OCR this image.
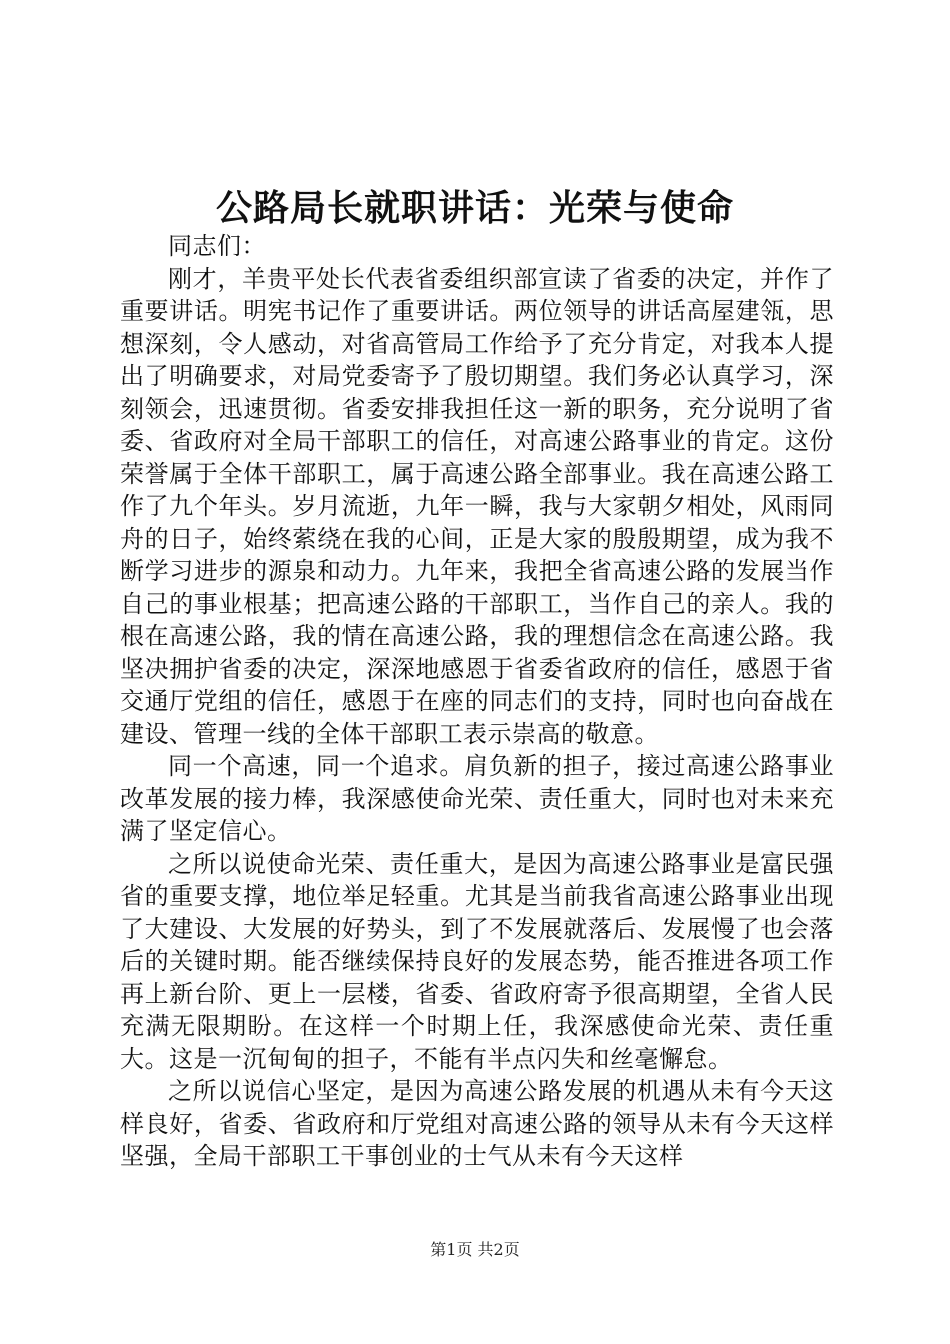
公路局长就职讲话：光荣与使命

同志们：

刚才，羊贵平处长代表省委组织部宣读了省委的决定，并作了重要讲话。明宪书记作了重要讲话。两位领导的讲话高屋建瓴，思想深刻，令人感动，对省高管局工作给予了充分肯定，对我本人提出了明确要求，对局党委寄予了殷切期望。我们务必认真学习，深刻领会，迅速贯彻。省委安排我担任这一新的职务，充分说明了省委、省政府对全局干部职工的信任，对高速公路事业的肯定。这份荣誉属于全体干部职工，属于高速公路全部事业。我在高速公路工作了九个年头。岁月流逝，九年一瞬，我与大家朝夕相处，风雨同舟的日子，始终萦绕在我的心间，正是大家的殷殷期望，成为我不断学习进步的源泉和动力。九年来，我把全省高速公路的发展当作自己的事业根基；把高速公路的干部职工，当作自己的亲人。我的根在高速公路，我的情在高速公路，我的理想信念在高速公路。我坚决拥护省委的决定，深深地感恩于省委省政府的信任，感恩于省交通厅党组的信任，感恩于在座的同志们的支持，同时也向奋战在建设、管理一线的全体干部职工表示崇高的敬意。

同一个高速，同一个追求。肩负新的担子，接过高速公路事业改革发展的接力棒，我深感使命光荣、责任重大，同时也对未来充满了坚定信心。

之所以说使命光荣、责任重大，是因为高速公路事业是富民强省的重要支撑，地位举足轻重。尤其是当前我省高速公路事业出现了大建设、大发展的好势头，到了不发展就落后、发展慢了也会落后的关键时期。能否继续保持良好的发展态势，能否推进各项工作再上新台阶、更上一层楼，省委、省政府寄予很高期望，全省人民充满无限期盼。在这样一个时期上任，我深感使命光荣、责任重大。这是一沉甸甸的担子，不能有半点闪失和丝毫懈怠。

之所以说信心坚定，是因为高速公路发展的机遇从未有今天这样良好，省委、省政府和厅党组对高速公路的领导从未有今天这样坚强，全局干部职工干事创业的士气从未有今天这样

第1页 共2页
